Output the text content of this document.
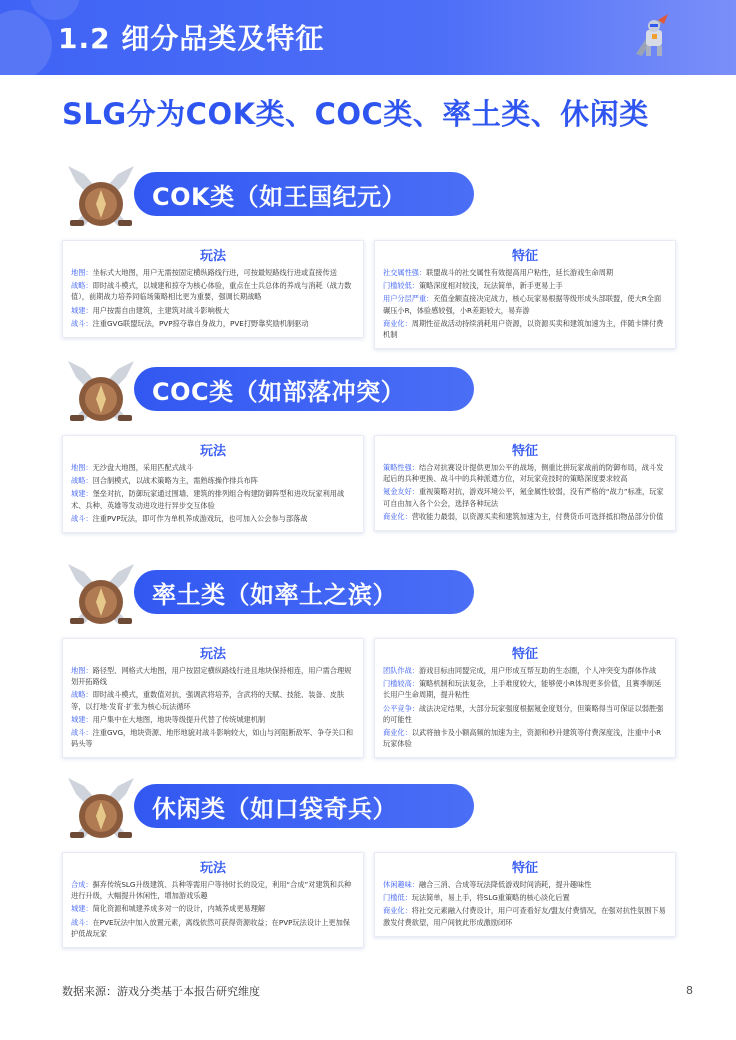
1.2 细分品类及特征
SLG分为COK类、COC类、率土类、休闲类
COK类（如王国纪元）
玩法
地图：坐标式大地图，用户无需按固定横纵路线行进，可按最短路线行进或直接传送
战略：即时战斗模式，以城建和掠夺为核心体验，重点在士兵总体的养成与消耗（战力数值），前期战力培养同临场策略相比更为重要，强调长期战略
城建：用户按需自由建筑，主建筑对战斗影响极大
战斗：注重GVG联盟玩法，PVP掠夺靠自身战力，PVE打野靠奖励机制驱动
特征
社交属性强：联盟战斗的社交属性有效提高用户粘性，延长游戏生命周期
门槛较低：策略深度相对较浅，玩法简单，新手更易上手
用户分层严重：充值金额直接决定战力，核心玩家易根据等级形成头部联盟，使大R全面碾压小R，体验感较强，小R差距较大，易弃游
商业化：周期性征战活动持续消耗用户资源，以资源买卖和建筑加速为主，伴随卡牌付费机制
COC类（如部落冲突）
玩法
地图：无沙盘大地图，采用匹配式战斗
战略：回合制模式，以战术策略为主，需熟练操作排兵布阵
城建：堡垒对抗，防御玩家通过围墙、建筑的排列组合构建防御阵型和进攻玩家利用战术、兵种、英雄等发动进攻进行异步交互体验
战斗：注重PVP玩法，即可作为单机养成游戏玩，也可加入公会参与部落战
特征
策略性强：结合对抗赛设计提供更加公平的战场，侧重比拼玩家战前的防御布局，战斗发起后的兵种更换、战斗中的兵种派遣方位，对玩家竞技时的策略深度要求较高
氪金友好：重视策略对抗，游戏环境公平，氪金属性较弱，没有严格的“战力”标准，玩家可自由加入各个公会，选择各种玩法
商业化：营收能力最弱，以资源买卖和建筑加速为主，付费货币可选择抵扣物品部分价值
率土类（如率土之滨）
玩法
地图：路径型、网格式大地图，用户按固定横纵路线行进且地块保持相连，用户需合理规划开拓路线
战略：即时战斗模式，重数值对抗，强调武将培养，含武将的天赋、技能、装备、皮肤等，以打地·发育·扩张为核心玩法循环
城建：用户集中在大地图，地块等级提升代替了传统城建机制
战斗：注重GVG，地块资源、地形地貌对战斗影响较大，如山与河阻断敌军、争夺关口和码头等
特征
团队作战：游戏目标由同盟完成，用户形成互帮互助的生态圈，个人冲突变为群体作战
门槛较高：策略机制和玩法复杂，上手难度较大，能够使小R体现更多价值，且赛季制延长用户生命周期，提升粘性
公平竞争：战法决定结果，大部分玩家强度根据氪金度划分，但策略得当可保证以弱胜强的可能性
商业化：以武将抽卡及小额高频的加速为主，资源和秒升建筑等付费深度浅，注重中小R玩家体验
休闲类（如口袋奇兵）
玩法
合成：摒弃传统SLG升级建筑、兵种等需用户等待时长的设定，利用“合成”对建筑和兵种进行升级，大幅提升休闲性，增加游戏乐趣
城建：简化资源和城建养成多对一的设计，内城养成更易理解
战斗：在PVE玩法中加入放置元素，离线依然可获得资源收益；在PVP玩法设计上更加保护低战玩家
特征
休闲趣味：融合三消、合成等玩法降低游戏时间消耗，提升趣味性
门槛低：玩法简单，易上手，将SLG重策略的核心淡化后置
商业化：将社交元素融入付费设计，用户可查看好友/盟友付费情况，在强对抗性氛围下易激发付费欲望，用户间彼此形成激励闭环
数据来源：游戏分类基于本报告研究维度	8
